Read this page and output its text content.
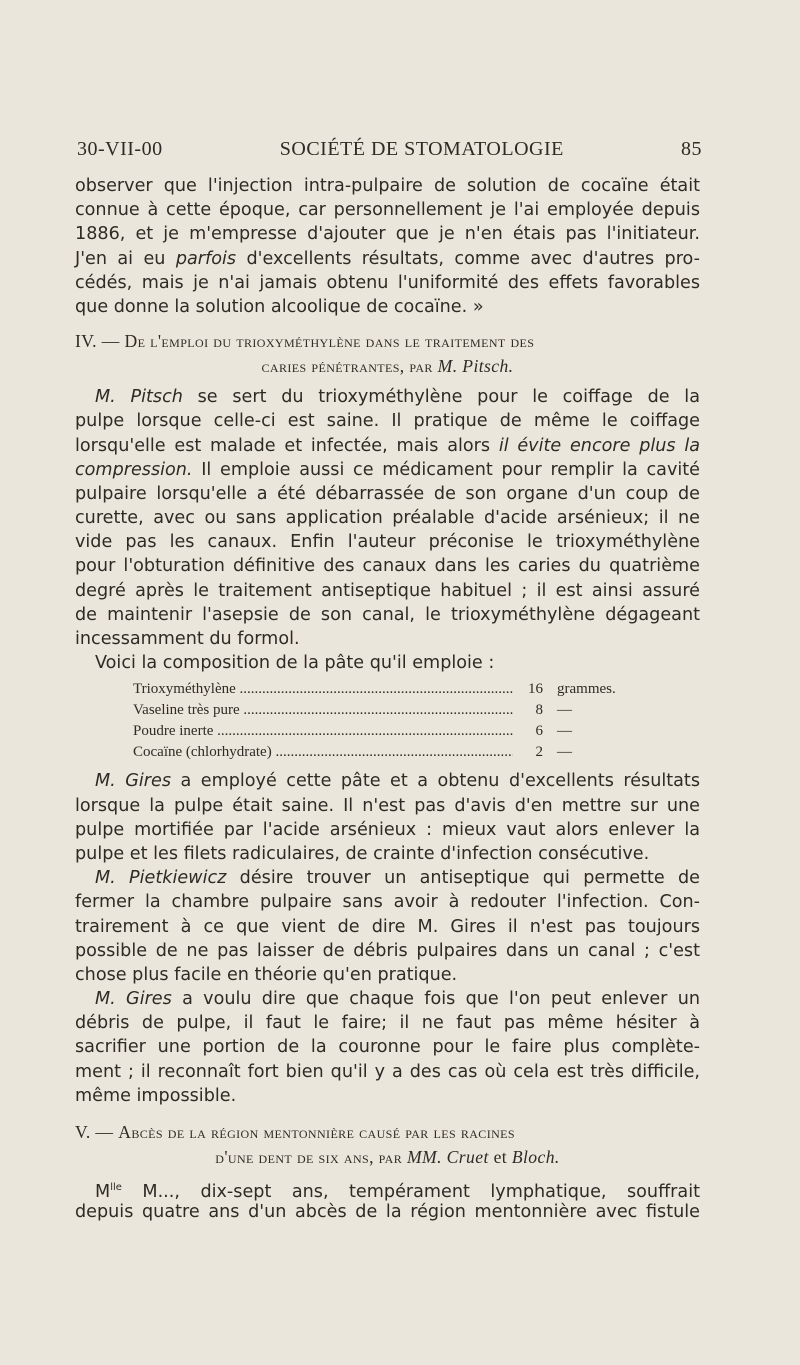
30-VII-00	SOCIÉTÉ DE STOMATOLOGIE	85
observer que l'injection intra-pulpaire de solution de cocaïne était
connue à cette époque, car personnellement je l'ai employée depuis
1886, et je m'empresse d'ajouter que je n'en étais pas l'initiateur.
J'en ai eu parfois d'excellents résultats, comme avec d'autres pro-
cédés, mais je n'ai jamais obtenu l'uniformité des effets favorables
que donne la solution alcoolique de cocaïne. »
IV. — De l'emploi du trioxyméthylène dans le traitement des
caries pénétrantes, par M. Pitsch.
M. Pitsch se sert du trioxyméthylène pour le coiffage de la
pulpe lorsque celle-ci est saine. Il pratique de même le coiffage
lorsqu'elle est malade et infectée, mais alors il évite encore plus la
compression. Il emploie aussi ce médicament pour remplir la cavité
pulpaire lorsqu'elle a été débarrassée de son organe d'un coup de
curette, avec ou sans application préalable d'acide arsénieux; il ne
vide pas les canaux. Enfin l'auteur préconise le trioxyméthylène
pour l'obturation définitive des canaux dans les caries du quatrième
degré après le traitement antiseptique habituel ; il est ainsi assuré
de maintenir l'asepsie de son canal, le trioxyméthylène dégageant
incessamment du formol.
Voici la composition de la pâte qu'il emploie :
Trioxyméthylène .....	16 grammes.
Vaseline très pure .....	8 —
Poudre inerte .....	6 —
Cocaïne (chlorhydrate) .....	2 —
M. Gires a employé cette pâte et a obtenu d'excellents résultats
lorsque la pulpe était saine. Il n'est pas d'avis d'en mettre sur une
pulpe mortifiée par l'acide arsénieux : mieux vaut alors enlever la
pulpe et les filets radiculaires, de crainte d'infection consécutive.
M. Pietkiewicz désire trouver un antiseptique qui permette de
fermer la chambre pulpaire sans avoir à redouter l'infection. Con-
trairement à ce que vient de dire M. Gires il n'est pas toujours
possible de ne pas laisser de débris pulpaires dans un canal ; c'est
chose plus facile en théorie qu'en pratique.
M. Gires a voulu dire que chaque fois que l'on peut enlever un
débris de pulpe, il faut le faire; il ne faut pas même hésiter à
sacrifier une portion de la couronne pour le faire plus complète-
ment ; il reconnaît fort bien qu'il y a des cas où cela est très difficile,
même impossible.
V. — Abcès de la région mentonnière causé par les racines
d'une dent de six ans, par MM. Cruet et Bloch.
$M^{lle}$ M..., dix-sept ans, tempérament lymphatique, souffrait
depuis quatre ans d'un abcès de la région mentonnière avec fistule
